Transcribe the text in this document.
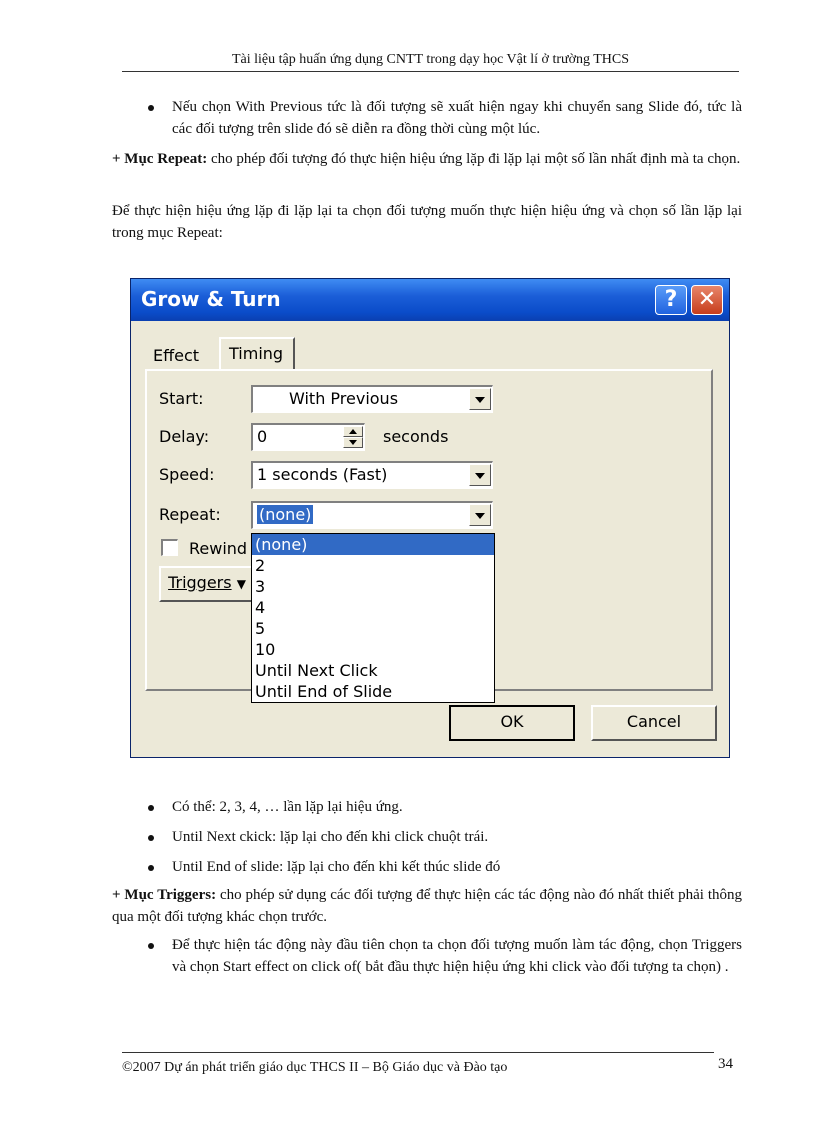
Tài liệu tập huấn ứng dụng CNTT trong dạy học Vật lí ở trường THCS
Nếu chọn With Previous tức là đối tượng sẽ xuất hiện ngay khi chuyển sang Slide đó, tức là các đối tượng trên slide đó sẽ diễn ra đồng thời cùng một lúc.
+ Mục Repeat: cho phép đối tượng đó thực hiện hiệu ứng lặp đi lặp lại một số lần nhất định mà ta chọn.
Để thực hiện hiệu ứng lặp đi lặp lại ta chọn đối tượng muốn thực hiện hiệu ứng và chọn số lần lặp lại trong mục Repeat:
Grow & Turn	? ✕
Effect	Timing
Start:	With Previous
Delay:	0	seconds
Speed:	1 seconds (Fast)
Repeat: (none)
Rewind
Triggers ▼
(none)
2
3
4
5
10
Until Next Click
Until End of Slide
OK	Cancel
Có thể: 2, 3, 4, … lần lặp lại hiệu ứng.
Until Next ckick: lặp lại cho đến khi click chuột trái.
Until End of slide: lặp lại cho đến khi kết thúc slide đó
+ Mục Triggers: cho phép sử dụng các đối tượng để thực hiện các tác động nào đó nhất thiết phải thông qua một đối tượng khác chọn trước.
Để thực hiện tác động này đầu tiên chọn ta chọn đối tượng muốn làm tác động, chọn Triggers và chọn Start effect on click of( bắt đầu thực hiện hiệu ứng khi click vào đối tượng ta chọn) .
©2007 Dự án phát triển giáo dục THCS II – Bộ Giáo dục và Đào tạo	34
